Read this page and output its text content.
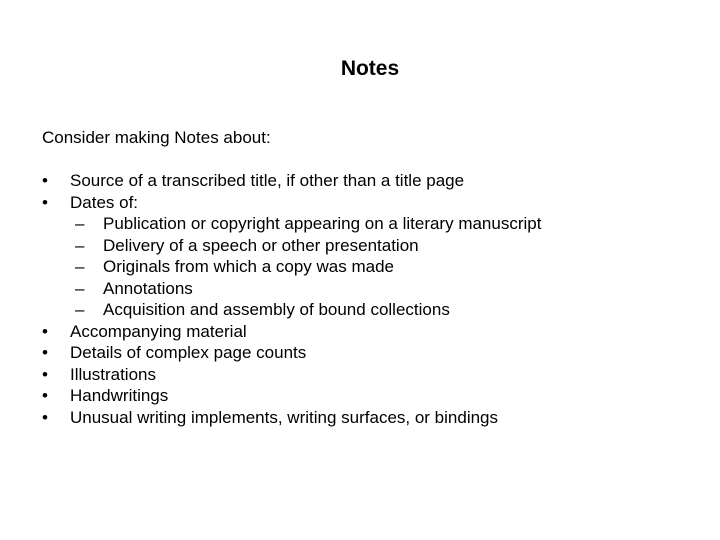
Notes
Consider making Notes about:
•	Source of a transcribed title, if other than a title page
•	Dates of:
– Publication or copyright appearing on a literary manuscript
– Delivery of a speech or other presentation
– Originals from which a copy was made
– Annotations
– Acquisition and assembly of bound collections
•	Accompanying material
•	Details of complex page counts
•	Illustrations
•	Handwritings
•	Unusual writing implements, writing surfaces, or bindings
